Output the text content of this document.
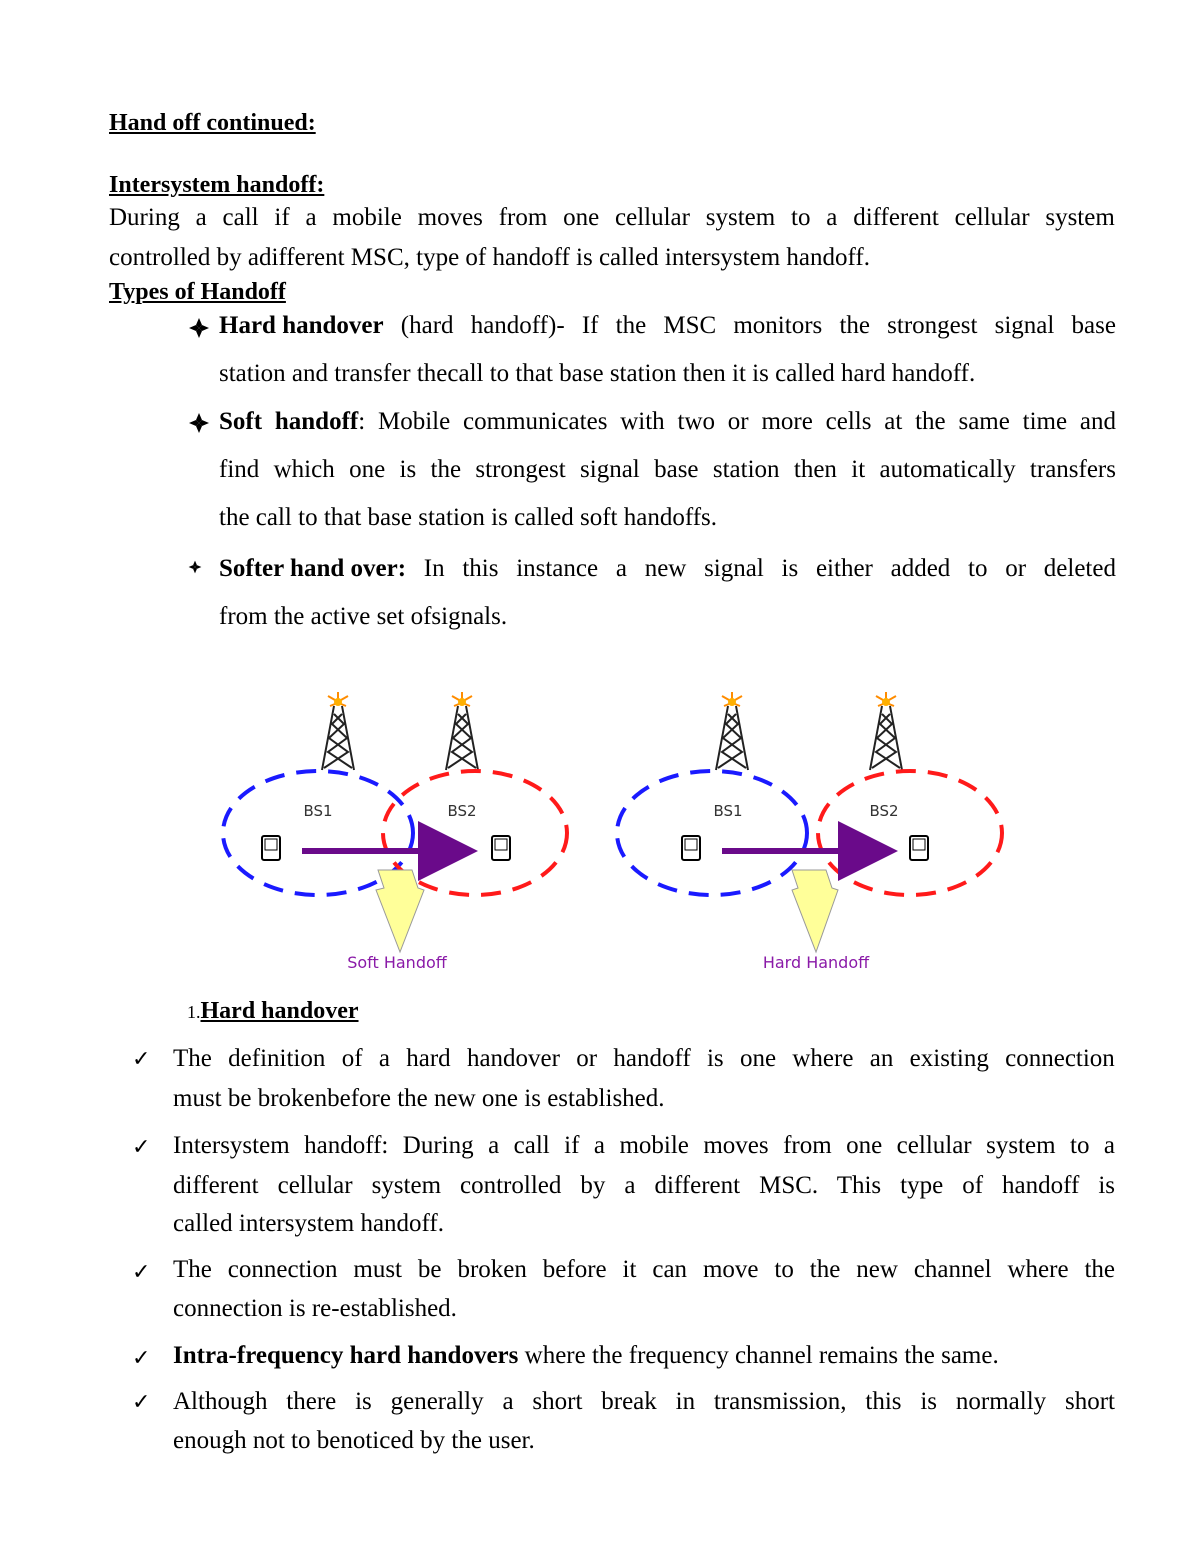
Hand off continued:
Intersystem handoff:
During a call if a mobile moves from one cellular system to a different cellular system
controlled by adifferent MSC, type of handoff is called intersystem handoff.
Types of Handoff
Hard handover (hard handoff)- If the MSC monitors the strongest signal base
station and transfer thecall to that base station then it is called hard handoff.
Soft handoff: Mobile communicates with two or more cells at the same time and
find which one is the strongest signal base station then it automatically transfers
the call to that base station is called soft handoffs.
Softer hand over: In this instance a new signal is either added to or deleted
from the active set ofsignals.
BS1	BS2
Soft Handoff
BS1	BS2
Hard Handoff
1.Hard handover
✓ The definition of a hard handover or handoff is one where an existing connection
must be brokenbefore the new one is established.
✓ Intersystem handoff: During a call if a mobile moves from one cellular system to a
different cellular system controlled by a different MSC. This type of handoff is
called intersystem handoff.
✓ The connection must be broken before it can move to the new channel where the
connection is re-established.
✓ Intra-frequency hard handovers where the frequency channel remains the same.
✓ Although there is generally a short break in transmission, this is normally short
enough not to benoticed by the user.
